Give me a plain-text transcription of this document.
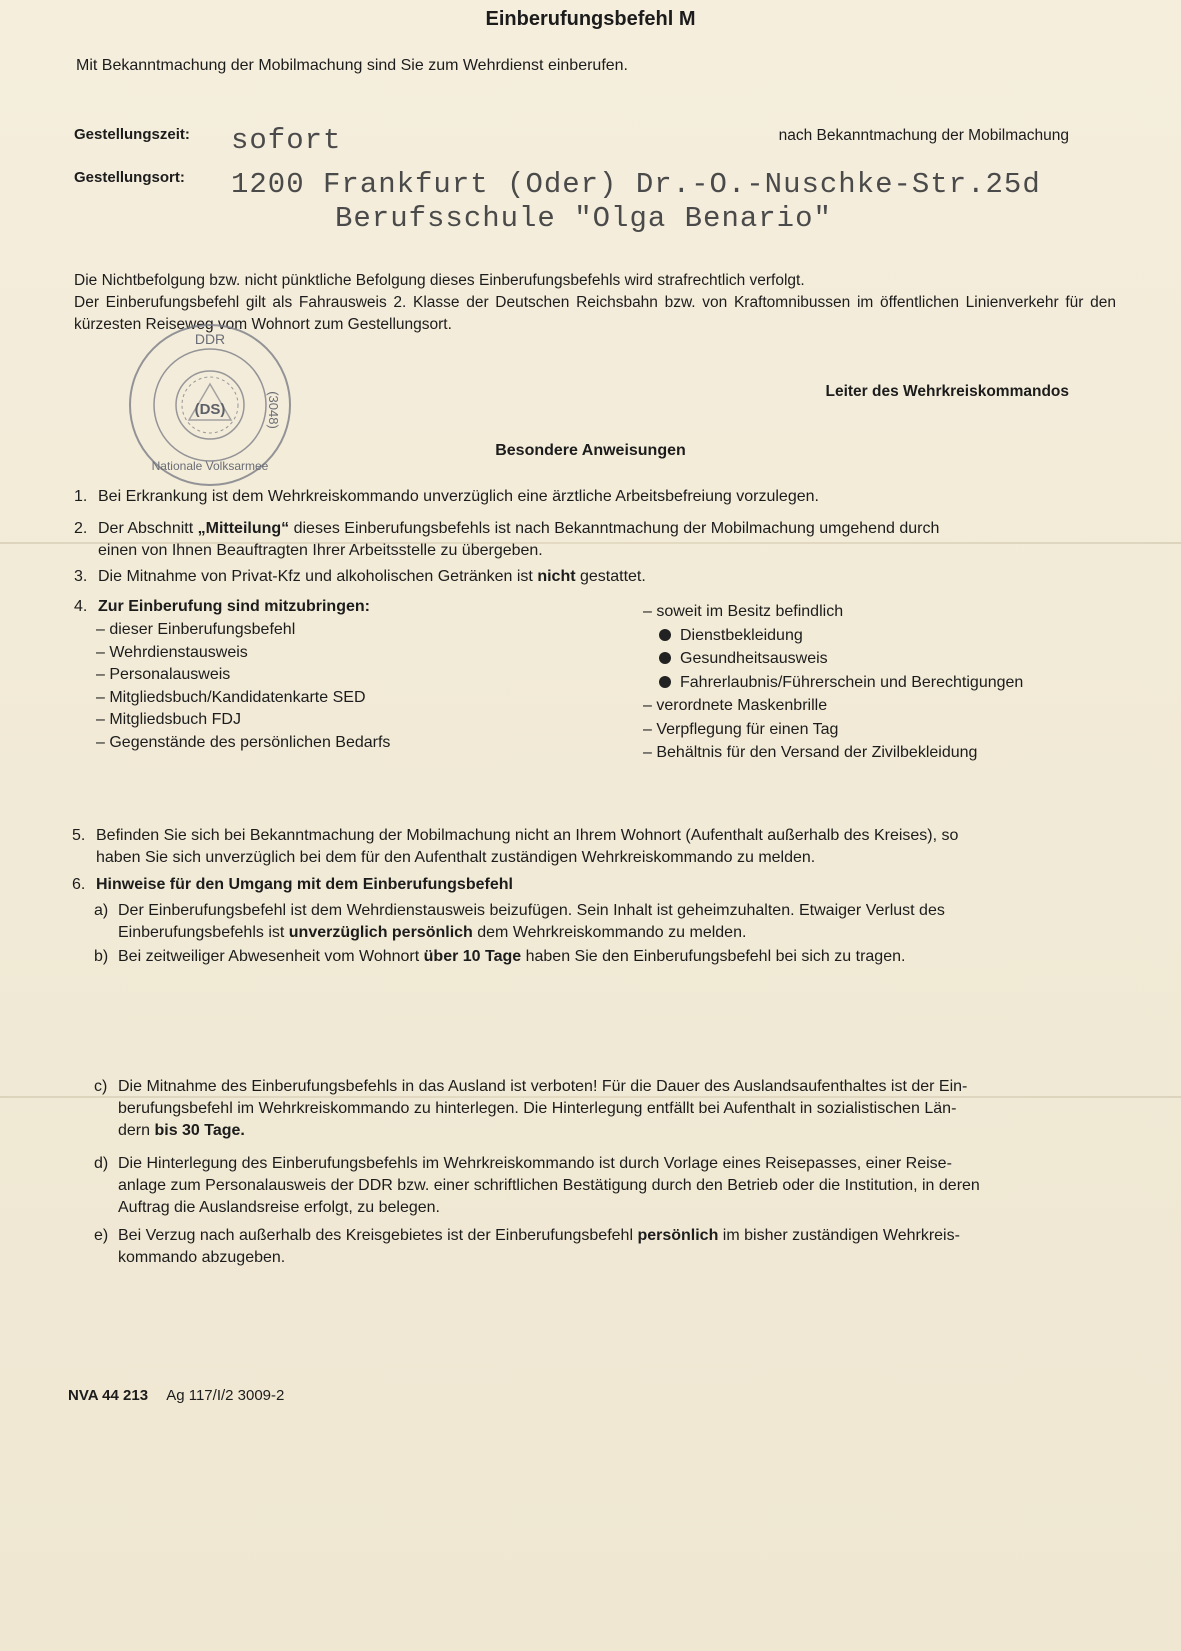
Einberufungsbefehl M
Mit Bekanntmachung der Mobilmachung sind Sie zum Wehrdienst einberufen.
Gestellungszeit: sofort	nach Bekanntmachung der Mobilmachung
Gestellungsort: 1200 Frankfurt (Oder) Dr.-O.-Nuschke-Str.25d
Berufsschule "Olga Benario"
Die Nichtbefolgung bzw. nicht pünktliche Befolgung dieses Einberufungsbefehls wird strafrechtlich verfolgt.
Der Einberufungsbefehl gilt als Fahrausweis 2. Klasse der Deutschen Reichsbahn bzw. von Kraftomnibussen im öffentlichen Linienverkehr für den kürzesten Reiseweg vom Wohnort zum Gestellungsort.
DDR
(DS)	(3048)
Nationale Volksarmee
Leiter des Wehrkreiskommandos
Besondere Anweisungen
1. Bei Erkrankung ist dem Wehrkreiskommando unverzüglich eine ärztliche Arbeitsbefreiung vorzulegen.
2. Der Abschnitt „Mitteilung“ dieses Einberufungsbefehls ist nach Bekanntmachung der Mobilmachung umgehend durch
einen von Ihnen Beauftragten Ihrer Arbeitsstelle zu übergeben.
3. Die Mitnahme von Privat-Kfz und alkoholischen Getränken ist nicht gestattet.
4. Zur Einberufung sind mitzubringen:
– dieser Einberufungsbefehl
– Wehrdienstausweis
– Personalausweis
– Mitgliedsbuch/Kandidatenkarte SED
– Mitgliedsbuch FDJ
– Gegenstände des persönlichen Bedarfs
– soweit im Besitz befindlich
Dienstbekleidung
Gesundheitsausweis
Fahrerlaubnis/Führerschein und Berechtigungen
– verordnete Maskenbrille
– Verpflegung für einen Tag
– Behältnis für den Versand der Zivilbekleidung
5. Befinden Sie sich bei Bekanntmachung der Mobilmachung nicht an Ihrem Wohnort (Aufenthalt außerhalb des Kreises), so
haben Sie sich unverzüglich bei dem für den Aufenthalt zuständigen Wehrkreiskommando zu melden.
6. Hinweise für den Umgang mit dem Einberufungsbefehl
a) Der Einberufungsbefehl ist dem Wehrdienstausweis beizufügen. Sein Inhalt ist geheimzuhalten. Etwaiger Verlust des
Einberufungsbefehls ist unverzüglich persönlich dem Wehrkreiskommando zu melden.
b) Bei zeitweiliger Abwesenheit vom Wohnort über 10 Tage haben Sie den Einberufungsbefehl bei sich zu tragen.
c) Die Mitnahme des Einberufungsbefehls in das Ausland ist verboten! Für die Dauer des Auslandsaufenthaltes ist der Ein-
berufungsbefehl im Wehrkreiskommando zu hinterlegen. Die Hinterlegung entfällt bei Aufenthalt in sozialistischen Län-
dern bis 30 Tage.
d) Die Hinterlegung des Einberufungsbefehls im Wehrkreiskommando ist durch Vorlage eines Reisepasses, einer Reise-
anlage zum Personalausweis der DDR bzw. einer schriftlichen Bestätigung durch den Betrieb oder die Institution, in deren
Auftrag die Auslandsreise erfolgt, zu belegen.
e) Bei Verzug nach außerhalb des Kreisgebietes ist der Einberufungsbefehl persönlich im bisher zuständigen Wehrkreis-
kommando abzugeben.
NVA 44 213 Ag 117/I/2 3009-2
